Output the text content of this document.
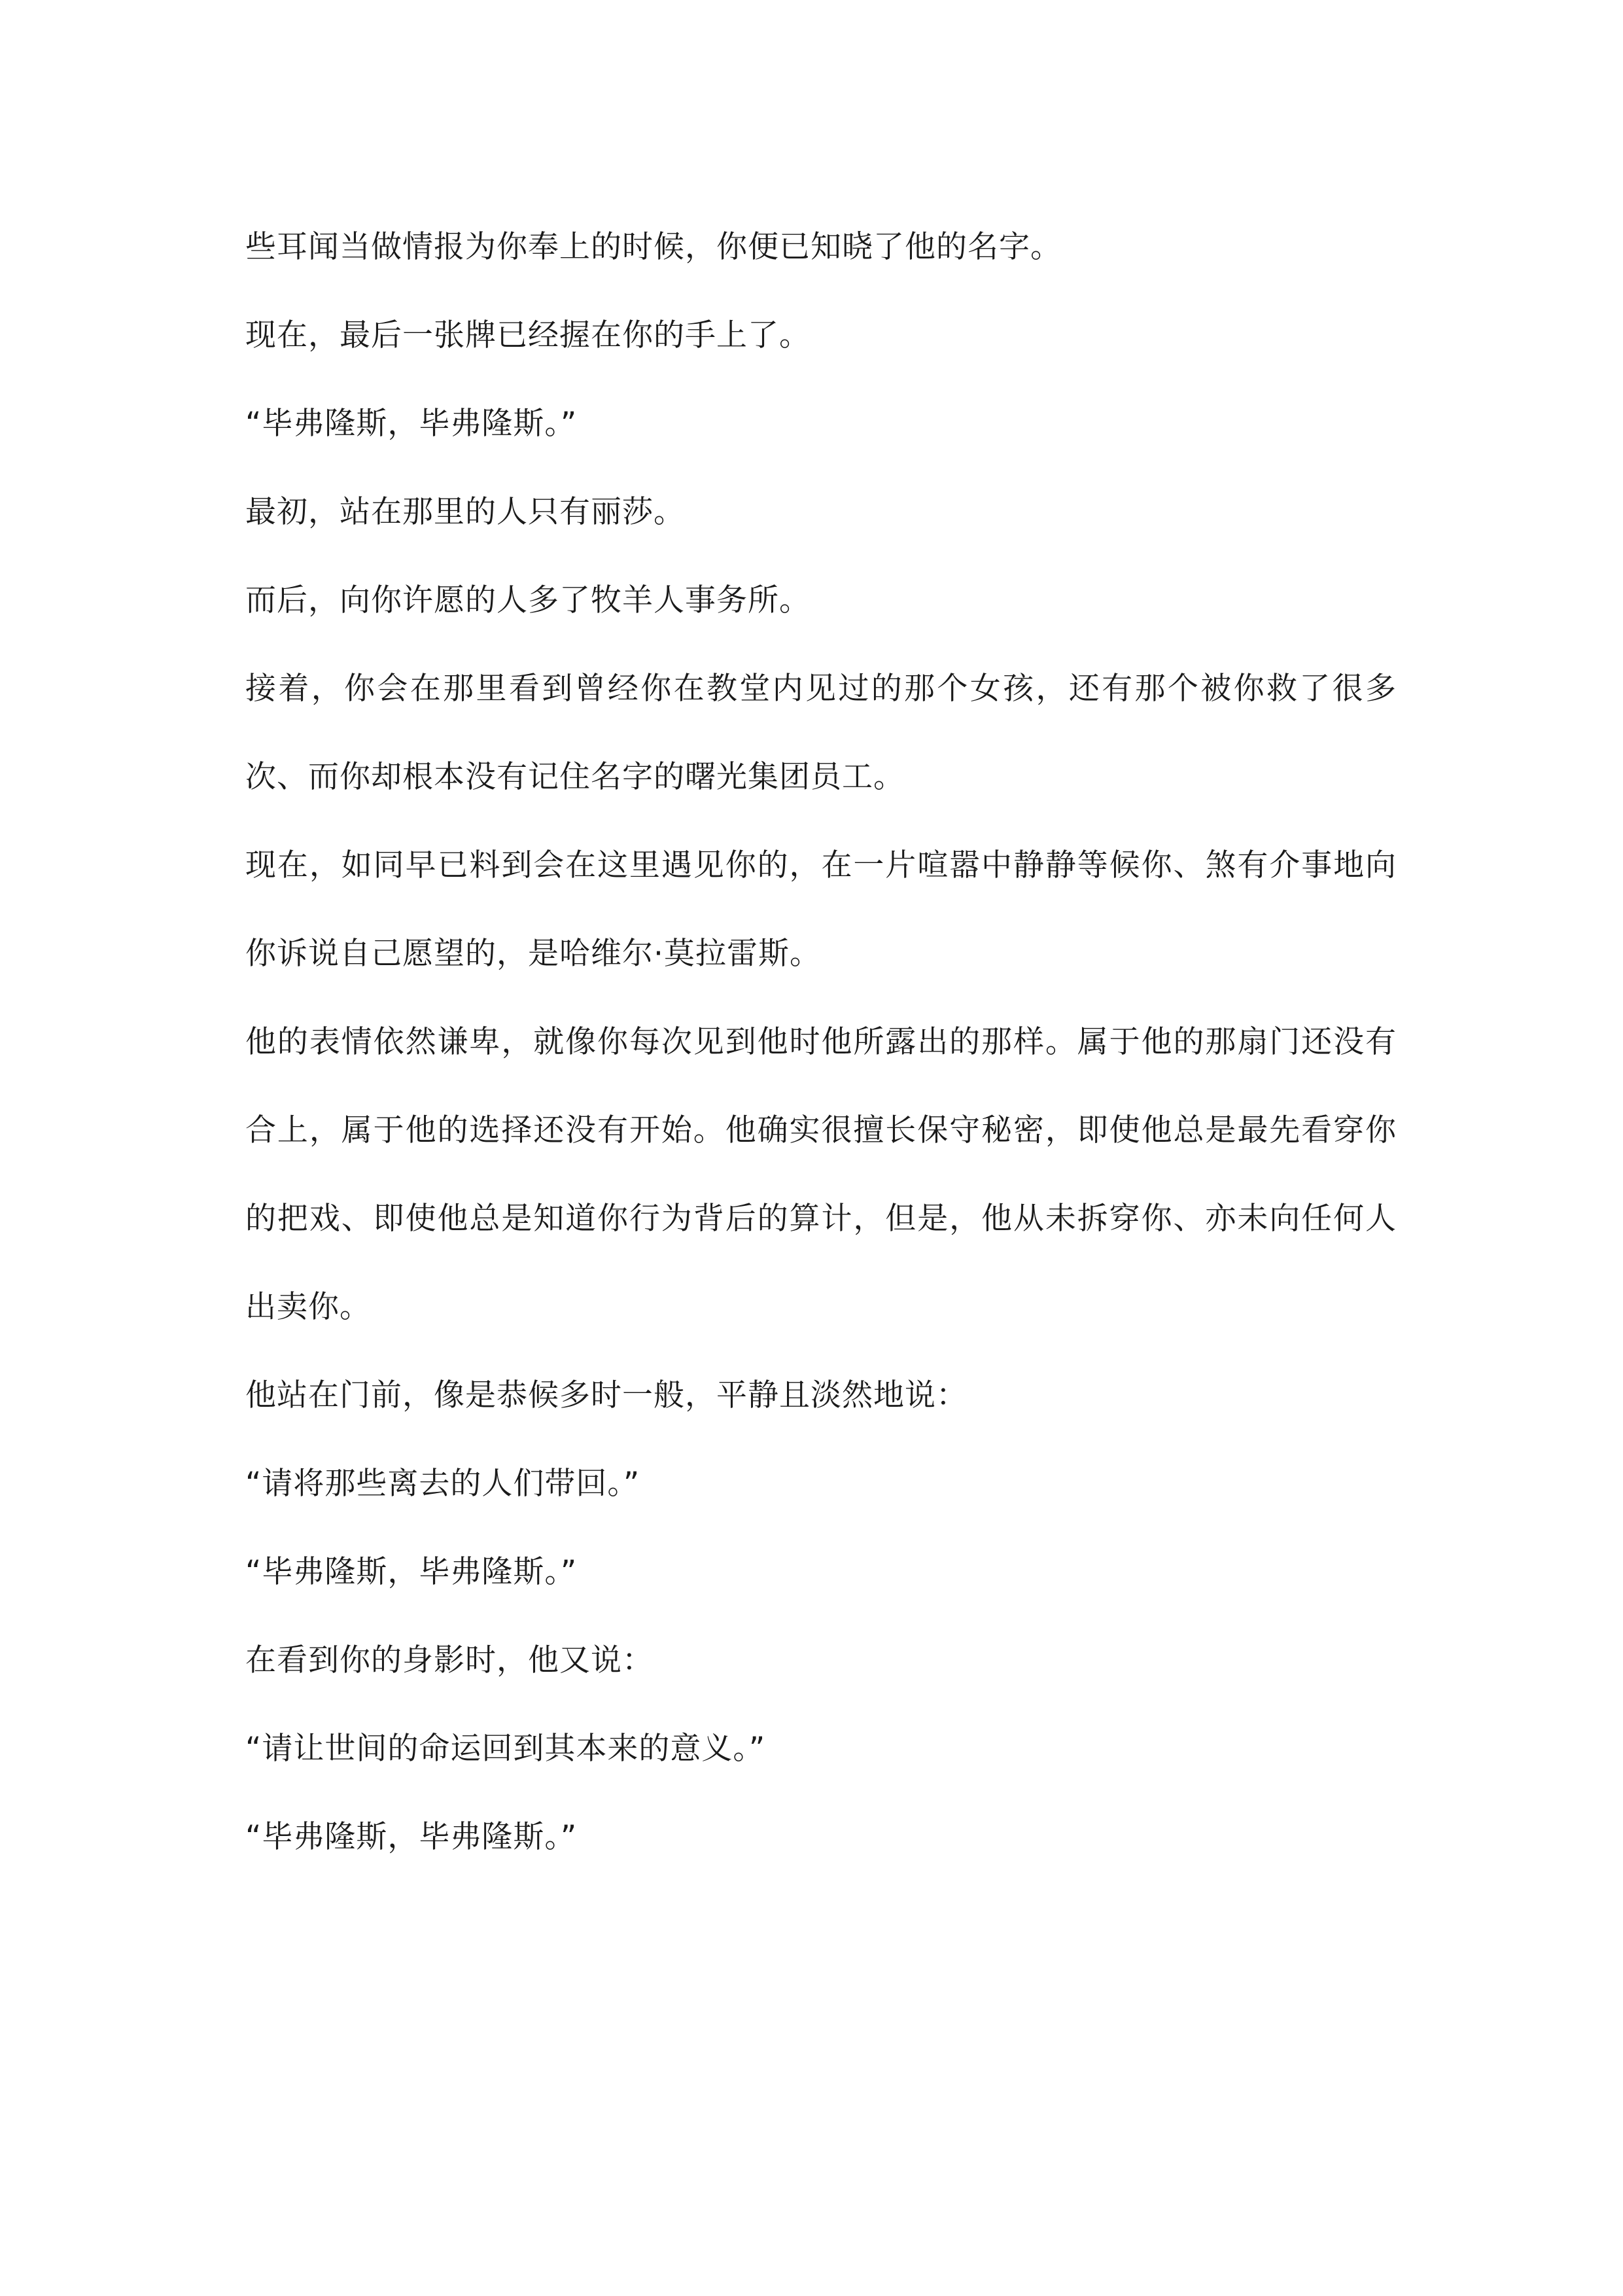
些耳闻当做情报为你奉上的时候，你便已知晓了他的名字。

现在，最后一张牌已经握在你的手上了。

“毕弗隆斯，毕弗隆斯。”

最初，站在那里的人只有丽莎。

而后，向你许愿的人多了牧羊人事务所。

接着，你会在那里看到曾经你在教堂内见过的那个女孩，还有那个被你救了很多次、而你却根本没有记住名字的曙光集团员工。

现在，如同早已料到会在这里遇见你的，在一片喧嚣中静静等候你、煞有介事地向你诉说自己愿望的，是哈维尔·莫拉雷斯。

他的表情依然谦卑，就像你每次见到他时他所露出的那样。属于他的那扇门还没有合上，属于他的选择还没有开始。他确实很擅长保守秘密，即使他总是最先看穿你的把戏、即使他总是知道你行为背后的算计，但是，他从未拆穿你、亦未向任何人出卖你。

他站在门前，像是恭候多时一般，平静且淡然地说：

“请将那些离去的人们带回。”

“毕弗隆斯，毕弗隆斯。”

在看到你的身影时，他又说：

“请让世间的命运回到其本来的意义。”

“毕弗隆斯，毕弗隆斯。”
